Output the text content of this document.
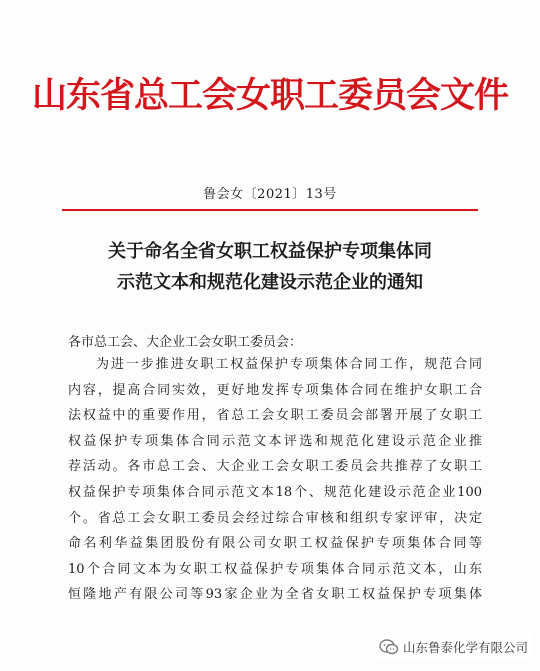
山东省总工会女职工委员会文件
鲁会女〔2021〕13号
关于命名全省女职工权益保护专项集体同
示范文本和规范化建设示范企业的通知
各市总工会、大企业工会女职工委员会：
为进一步推进女职工权益保护专项集体合同工作，规范合同
内容，提高合同实效，更好地发挥专项集体合同在维护女职工合
法权益中的重要作用，省总工会女职工委员会部署开展了女职工
权益保护专项集体合同示范文本评选和规范化建设示范企业推
荐活动。各市总工会、大企业工会女职工委员会共推荐了女职工
权益保护专项集体合同示范文本18个、规范化建设示范企业100
个。省总工会女职工委员会经过综合审核和组织专家评审，决定
命名利华益集团股份有限公司女职工权益保护专项集体合同等
10个合同文本为女职工权益保护专项集体合同示范文本，山东
恒隆地产有限公司等93家企业为全省女职工权益保护专项集体
山东鲁泰化学有限公司
